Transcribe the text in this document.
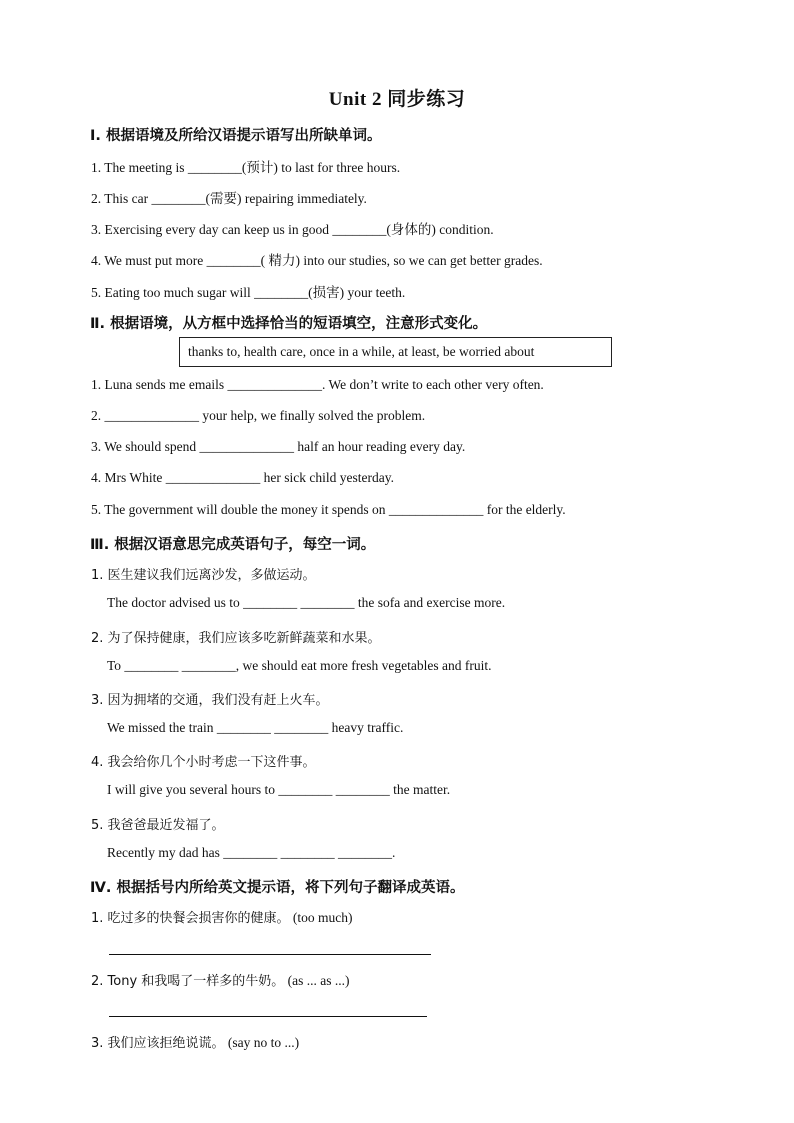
Unit 2 同步练习
Ⅰ. 根据语境及所给汉语提示语写出所缺单词。
1. The meeting is ________(预计) to last for three hours.
2. This car ________(需要) repairing immediately.
3. Exercising every day can keep us in good ________(身体的) condition.
4. We must put more ________( 精力) into our studies, so we can get better grades.
5. Eating too much sugar will ________(损害) your teeth.
Ⅱ. 根据语境，从方框中选择恰当的短语填空，注意形式变化。
thanks to, health care, once in a while, at least, be worried about
1. Luna sends me emails ______________. We don’t write to each other very often.
2. ______________ your help, we finally solved the problem.
3. We should spend ______________ half an hour reading every day.
4. Mrs White ______________ her sick child yesterday.
5. The government will double the money it spends on ______________ for the elderly.
Ⅲ. 根据汉语意思完成英语句子，每空一词。
1. 医生建议我们远离沙发，多做运动。
The doctor advised us to ________ ________ the sofa and exercise more.
2. 为了保持健康，我们应该多吃新鲜蔬菜和水果。
To ________ ________, we should eat more fresh vegetables and fruit.
3. 因为拥堵的交通，我们没有赶上火车。
We missed the train ________ ________ heavy traffic.
4. 我会给你几个小时考虑一下这件事。
I will give you several hours to ________ ________ the matter.
5. 我爸爸最近发福了。
Recently my dad has ________ ________ ________.
Ⅳ. 根据括号内所给英文提示语，将下列句子翻译成英语。
1. 吃过多的快餐会损害你的健康。 (too much)
2. Tony 和我喝了一样多的牛奶。 (as ... as ...)
3. 我们应该拒绝说谎。 (say no to ...)
